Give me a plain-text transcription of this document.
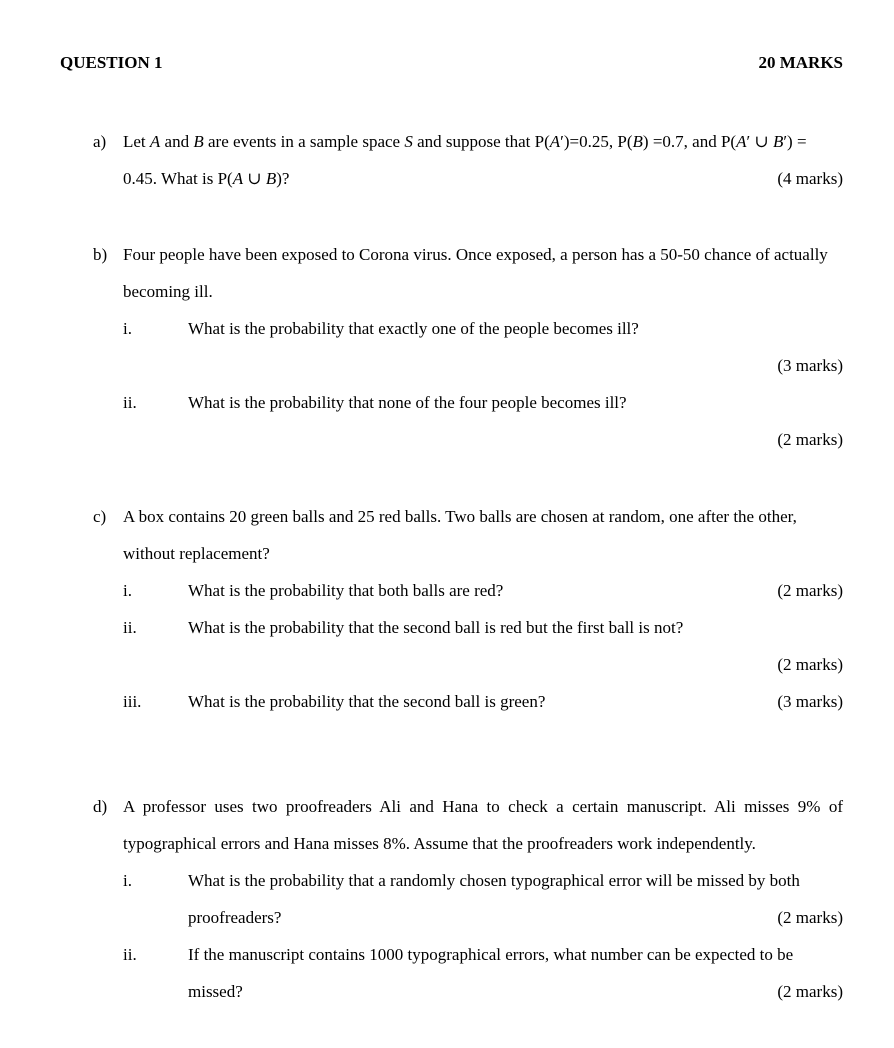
QUESTION 1	20 MARKS
a) Let A and B are events in a sample space S and suppose that P(A′)=0.25, P(B) =0.7, and P(A′ ∪ B′) = 0.45. What is P(A ∪ B)?	(4 marks)
b) Four people have been exposed to Corona virus. Once exposed, a person has a 50-50 chance of actually becoming ill.
i.	What is the probability that exactly one of the people becomes ill?
(3 marks)
ii.	What is the probability that none of the four people becomes ill?
(2 marks)
c) A box contains 20 green balls and 25 red balls. Two balls are chosen at random, one after the other, without replacement?
i.	What is the probability that both balls are red?	(2 marks)
ii.	What is the probability that the second ball is red but the first ball is not?
(2 marks)
iii.	What is the probability that the second ball is green?	(3 marks)
d) A professor uses two proofreaders Ali and Hana to check a certain manuscript. Ali misses 9% of typographical errors and Hana misses 8%. Assume that the proofreaders work independently.
i.	What is the probability that a randomly chosen typographical error will be missed by both proofreaders?	(2 marks)
ii.	If the manuscript contains 1000 typographical errors, what number can be expected to be missed?	(2 marks)
